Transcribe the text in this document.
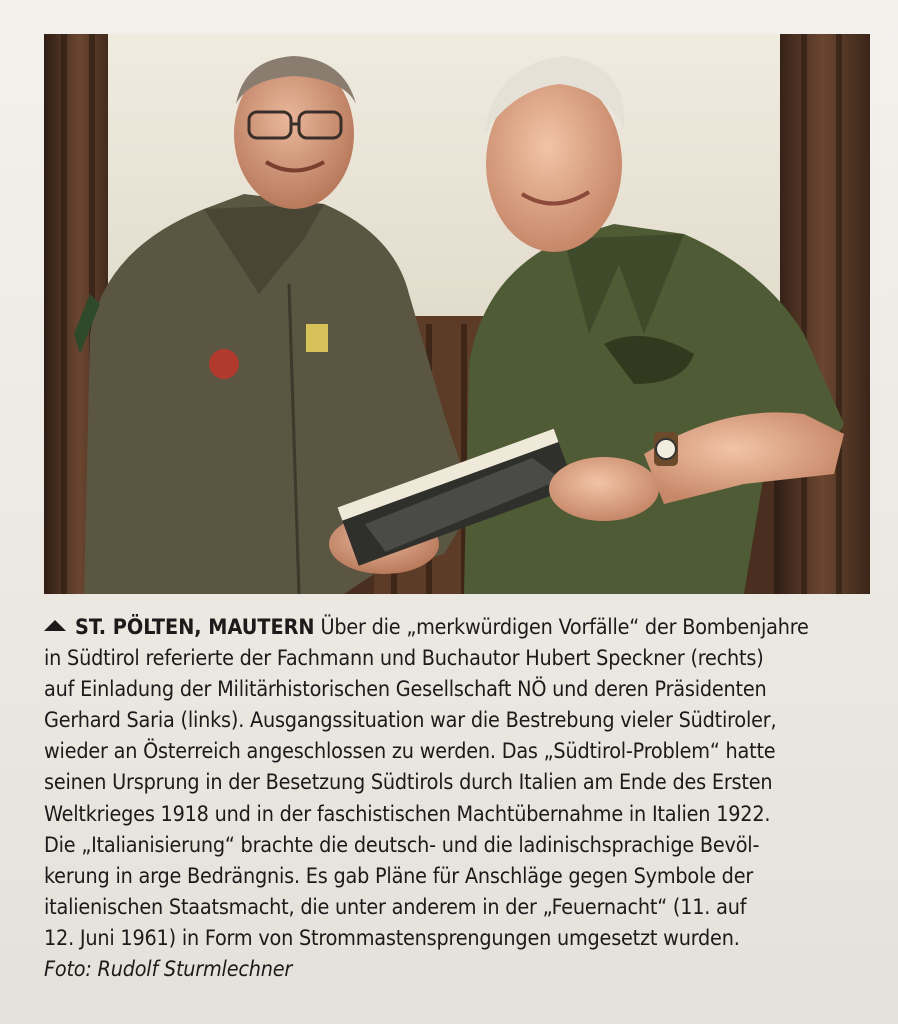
ST. PÖLTEN, MAUTERN Über die „merkwürdigen Vorfälle“ der Bombenjahre
in Südtirol referierte der Fachmann und Buchautor Hubert Speckner (rechts)
auf Einladung der Militärhistorischen Gesellschaft NÖ und deren Präsidenten
Gerhard Saria (links). Ausgangssituation war die Bestrebung vieler Südtiroler,
wieder an Österreich angeschlossen zu werden. Das „Südtirol-Problem“ hatte
seinen Ursprung in der Besetzung Südtirols durch Italien am Ende des Ersten
Weltkrieges 1918 und in der faschistischen Machtübernahme in Italien 1922.
Die „Italianisierung“ brachte die deutsch- und die ladinischsprachige Bevöl-
kerung in arge Bedrängnis. Es gab Pläne für Anschläge gegen Symbole der
italienischen Staatsmacht, die unter anderem in der „Feuernacht“ (11. auf
12. Juni 1961) in Form von Strommastensprengungen umgesetzt wurden.
Foto: Rudolf Sturmlechner
